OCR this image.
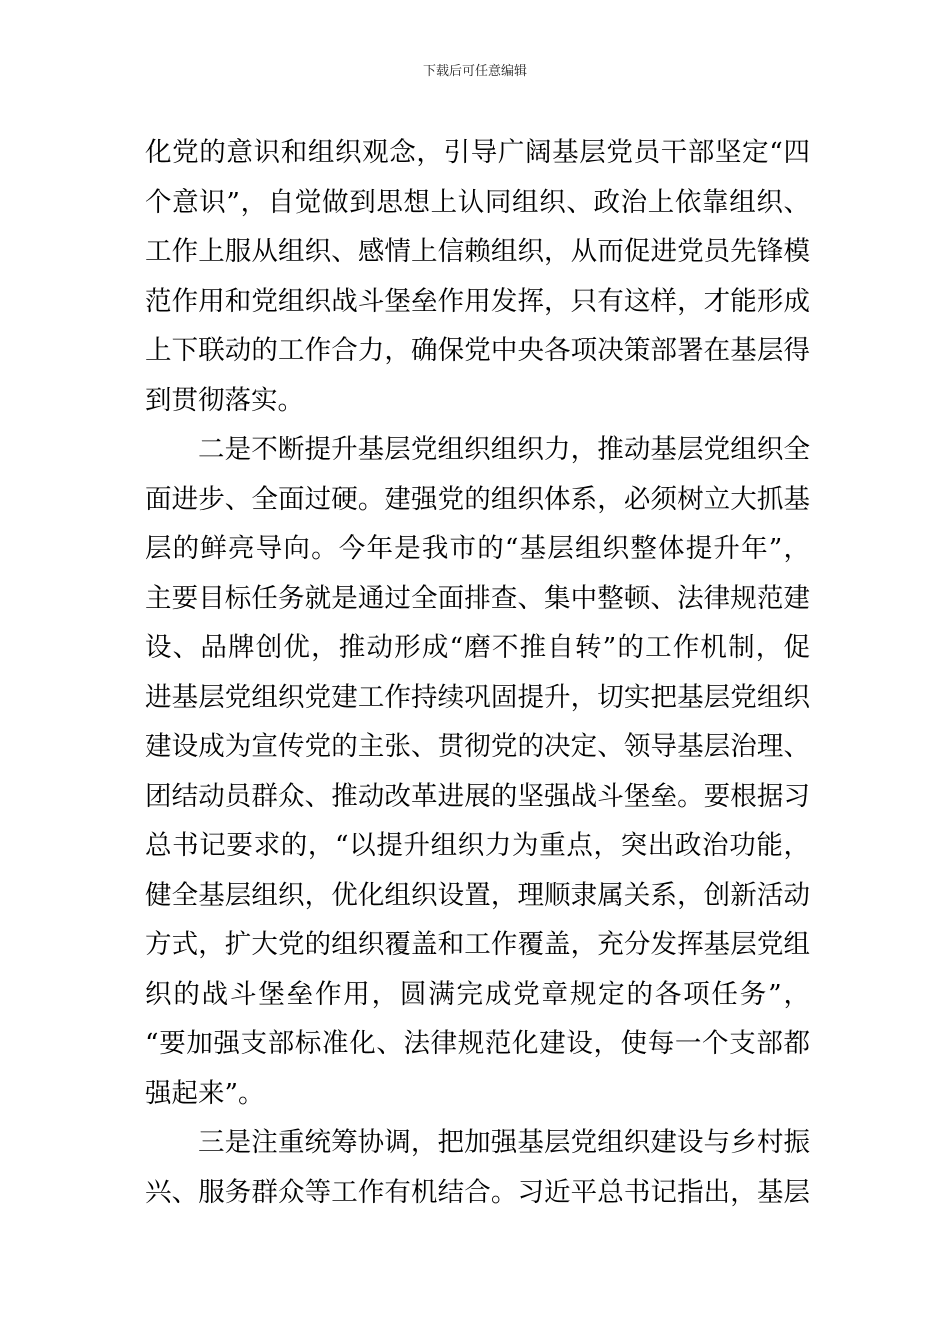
下载后可任意编辑
化党的意识和组织观念，引导广阔基层党员干部坚定“四
个意识”，自觉做到思想上认同组织、政治上依靠组织、
工作上服从组织、感情上信赖组织，从而促进党员先锋模
范作用和党组织战斗堡垒作用发挥，只有这样，才能形成
上下联动的工作合力，确保党中央各项决策部署在基层得
到贯彻落实。
二是不断提升基层党组织组织力，推动基层党组织全
面进步、全面过硬。建强党的组织体系，必须树立大抓基
层的鲜亮导向。今年是我市的“基层组织整体提升年”，
主要目标任务就是通过全面排查、集中整顿、法律规范建
设、品牌创优，推动形成“磨不推自转”的工作机制，促
进基层党组织党建工作持续巩固提升，切实把基层党组织
建设成为宣传党的主张、贯彻党的决定、领导基层治理、
团结动员群众、推动改革进展的坚强战斗堡垒。要根据习
总书记要求的，“以提升组织力为重点，突出政治功能，
健全基层组织，优化组织设置，理顺隶属关系，创新活动
方式，扩大党的组织覆盖和工作覆盖，充分发挥基层党组
织的战斗堡垒作用，圆满完成党章规定的各项任务”，
“要加强支部标准化、法律规范化建设，使每一个支部都
强起来”。
三是注重统筹协调，把加强基层党组织建设与乡村振
兴、服务群众等工作有机结合。习近平总书记指出，基层
